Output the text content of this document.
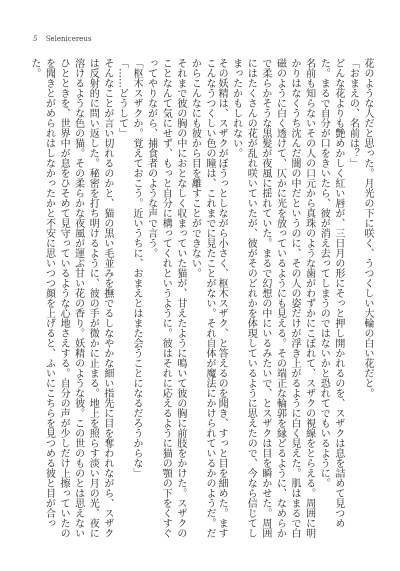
5 Selenicereus

花のような人だと思った。月光の下に咲く、うつくしい大輪の白い花だと。

「おまえの、名前は？」

どんな花よりも艶めかしく紅い唇が、三日月の形にそっと押し開かれるのを、スザクは息を詰めて見つめた。まるで自分が口をきいたら、彼が消え去ってしまうのではないかと恐れてでもいるように。

名前も知らないその人の口元から真珠のような歯がわずかにこぼれて、スザクの視線をとらえる。周囲に明かりはなくうち沈んだ闇の中だというのに、その人の姿だけが浮き上がるように白く見えた。肌はまるで白磁のように白く透けて、仄かに光を放っているようにも見える。その端正な輪郭を縁どるように、なめらかで柔らかそうな黒髪が夜風に揺れていた。まるで幻想の中にいるみたいで、とスザクは目を瞬かせた。周囲にはたくさんの花が乱れ咲いていたが、彼がそのどれかを体現しているように思えたので、今なら信じてしまったかもしれない。

その妖精は、スザクがぼうっとしながら小さく、枢木スザク、と答えるのを聞き、すっと目を細めた。ます

こんなうつくしい色の瞳は、これまでに見たことがない。それ自体が魔法にかけられているかのようだ。だからこんなにも彼から目を離すことができない。

それまで彼の胸の中におとなしく収まっていた猫が、甘えたように鳴いて彼の胸に前肢をかけた。スザクのことなんて気にせず、もっと自分に構ってくれというように。彼はそれに応えるように猫の顎の下をくすぐってやりながら、捕食者のような声で言う。

「枢木スザクか。覚えておこう。近いうちに、おまえとはまた会うことになるだろうからな」

「……どうして」

そんなことが言い切れるのかと、猫の黒い毛並みを撫でるしなやかな細い指先に目を奪われながら、スザクは反射的に問い返した。秘密を打ち明けるように、彼の手が微かに止まる。地上を照らす淡い月の光、夜に溶けるような色の猫。その柔らかな夜風が運ぶ甘い花の香り。妖精のような彼。この世のものとは思えないひとときを、世界中が息をひそめて見守っているような心地さえする。自分の声が少しだけ上擦っていたのを聞きとがめられはしなかったかと不安に思いつつ顔を上げると、ふいにこちらを見つめる彼と目が合った。
